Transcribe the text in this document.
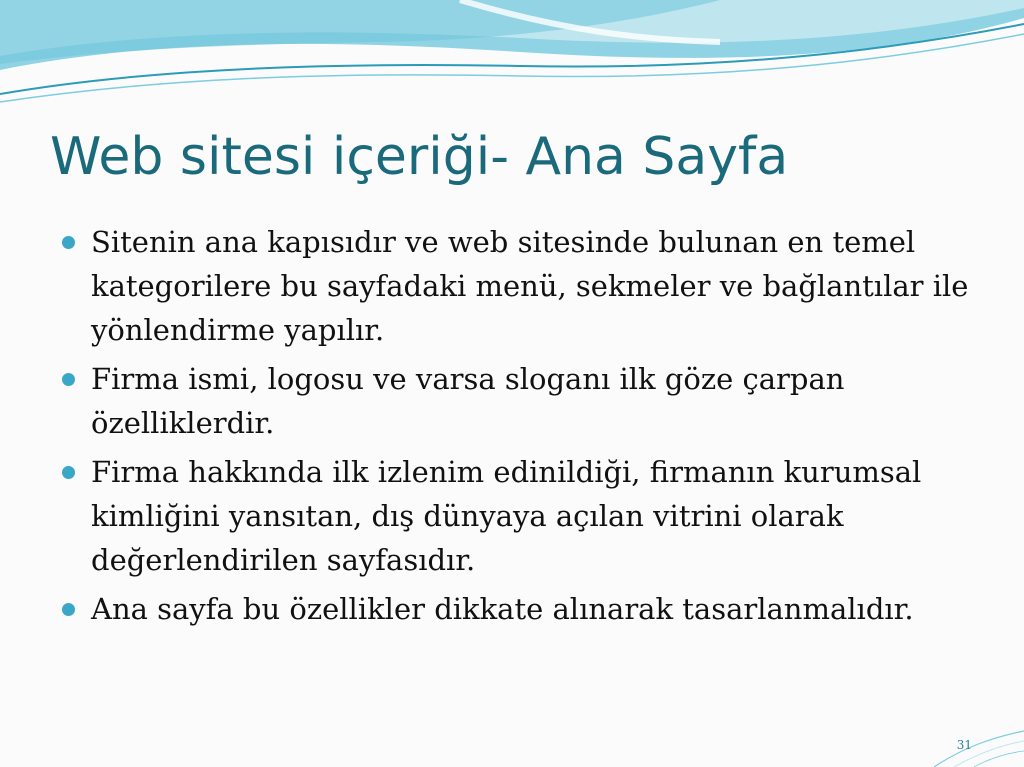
Web sitesi içeriği- Ana Sayfa
Sitenin ana kapısıdır ve web sitesinde bulunan en temel kategorilere bu sayfadaki menü, sekmeler ve bağlantılar ile yönlendirme yapılır.
Firma ismi, logosu ve varsa sloganı ilk göze çarpan özelliklerdir.
Firma hakkında ilk izlenim edinildiği, firmanın kurumsal kimliğini yansıtan, dış dünyaya açılan vitrini olarak değerlendirilen sayfasıdır.
Ana sayfa bu özellikler dikkate alınarak tasarlanmalıdır.
31
